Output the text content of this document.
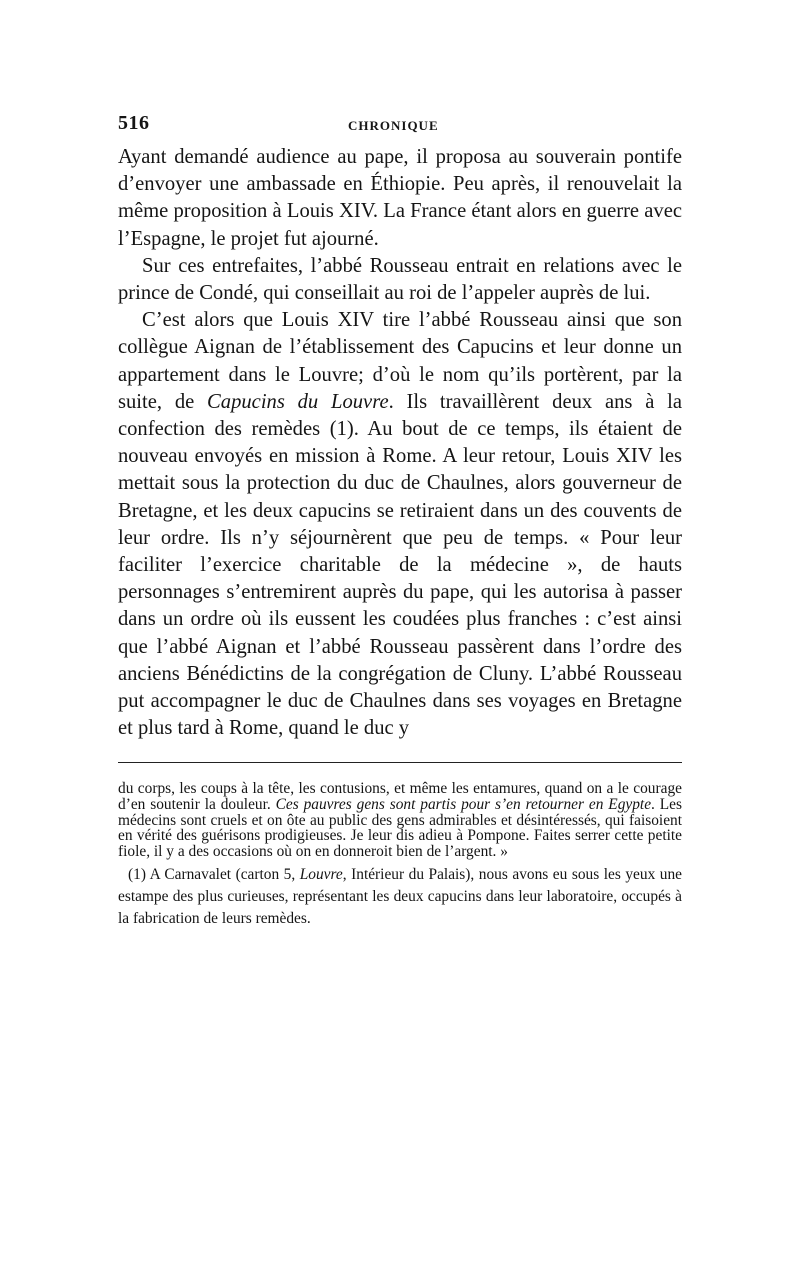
516	CHRONIQUE

Ayant demandé audience au pape, il proposa au souverain pontife d’envoyer une ambassade en Éthiopie. Peu après, il renouvelait la même proposition à Louis XIV. La France étant alors en guerre avec l’Espagne, le projet fut ajourné.

Sur ces entrefaites, l’abbé Rousseau entrait en relations avec le prince de Condé, qui conseillait au roi de l’appeler auprès de lui.

C’est alors que Louis XIV tire l’abbé Rousseau ainsi que son collègue Aignan de l’établissement des Capucins et leur donne un appartement dans le Louvre; d’où le nom qu’ils portèrent, par la suite, de Capucins du Louvre. Ils travaillèrent deux ans à la confection des remèdes (1). Au bout de ce temps, ils étaient de nouveau envoyés en mission à Rome. A leur retour, Louis XIV les mettait sous la protection du duc de Chaulnes, alors gouverneur de Bretagne, et les deux capucins se retiraient dans un des couvents de leur ordre. Ils n’y séjournèrent que peu de temps. « Pour leur faciliter l’exercice charitable de la médecine », de hauts personnages s’entremirent auprès du pape, qui les autorisa à passer dans un ordre où ils eussent les coudées plus franches : c’est ainsi que l’abbé Aignan et l’abbé Rousseau passèrent dans l’ordre des anciens Bénédictins de la congrégation de Cluny. L’abbé Rousseau put accompagner le duc de Chaulnes dans ses voyages en Bretagne et plus tard à Rome, quand le duc y

du corps, les coups à la tête, les contusions, et même les entamures, quand on a le courage d’en soutenir la douleur. Ces pauvres gens sont partis pour s’en retourner en Egypte. Les médecins sont cruels et on ôte au public des gens admirables et désintéressés, qui faisoient en vérité des guérisons prodigieuses. Je leur dis adieu à Pompone. Faites serrer cette petite fiole, il y a des occasions où on en donneroit bien de l’argent. »

(1) A Carnavalet (carton 5, Louvre, Intérieur du Palais), nous avons eu sous les yeux une estampe des plus curieuses, représentant les deux capucins dans leur laboratoire, occupés à la fabrication de leurs remèdes.
